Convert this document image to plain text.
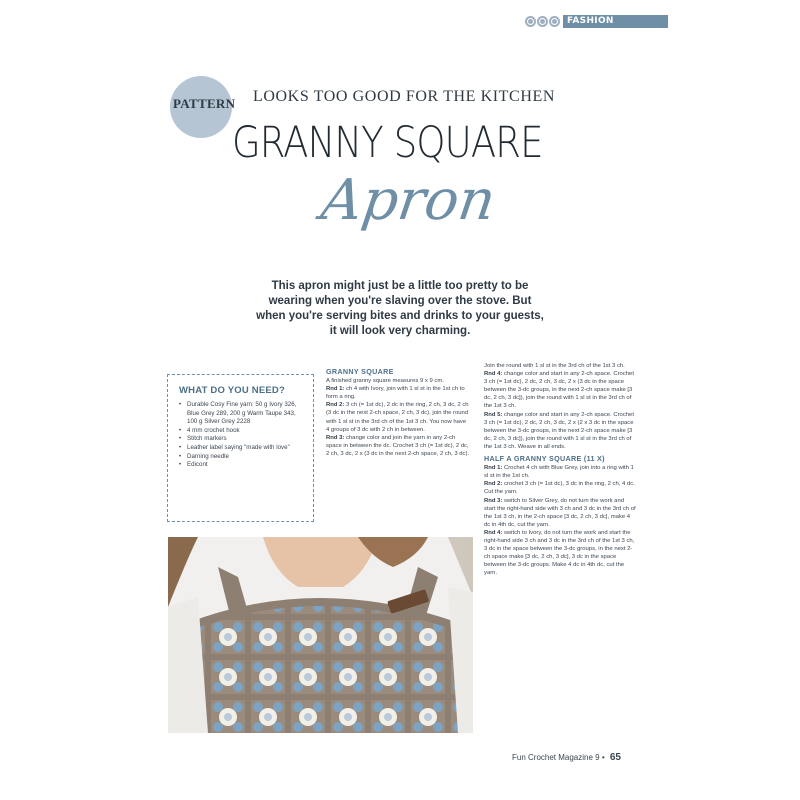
FASHION
PATTERN LOOKS TOO GOOD FOR THE KITCHEN
GRANNY SQUARE
Apron
This apron might just be a little too pretty to be wearing when you're slaving over the stove. But when you're serving bites and drinks to your guests, it will look very charming.
WHAT DO YOU NEED?
• Durable Cosy Fine yarn: 50 g Ivory 326, Blue Grey 289, 200 g Warm Taupe 343, 100 g Silver Grey 2228
• 4 mm crochet hook
• Stitch markers
• Leather label saying "made with love"
• Darning needle
• Edicont
GRANNY SQUARE

A finished granny square measures 9 x 9 cm.

Rnd 1: ch 4 with Ivory, join with 1 sl st in the 1st ch to form a ring.

Rnd 2: 3 ch (= 1st dc), 2 dc in the ring, 2 ch, 3 dc, 2 ch (3 dc in the next 2-ch space, 2 ch, 3 dc), join the round with 1 sl st in the 3rd ch of the 1st 3 ch. You now have 4 groups of 3 dc with 2 ch in between.

Rnd 3: change color and join the yarn in any 2-ch space in between the dc. Crochet 3 ch (= 1st dc), 2 dc, 2 ch, 3 dc, 2 x (3 dc in the next 2-ch space, 2 ch, 3 dc).

Join the round with 1 sl st in the 3rd ch of the 1st 3 ch.

Rnd 4: change color and start in any 2-ch space. Crochet 3 ch (= 1st dc), 2 dc, 2 ch, 3 dc, 2 x (3 dc in the space between the 3-dc groups, in the next 2-ch space make [3 dc, 2 ch, 3 dc]), join the round with 1 sl st in the 3rd ch of the 1st 3 ch.

Rnd 5: change color and start in any 2-ch space. Crochet 3 ch (= 1st dc), 2 dc, 2 ch, 3 dc, 2 x (2 x 3 dc in the space between the 3-dc groups, in the next 2-ch space make [3 dc, 2 ch, 3 dc]), join the round with 1 sl st in the 3rd ch of the 1st 3 ch. Weave in all ends.

HALF A GRANNY SQUARE (11 X)

Rnd 1: Crochet 4 ch with Blue Grey, join into a ring with 1 sl st in the 1st ch.

Rnd 2: crochet 3 ch (= 1st dc), 3 dc in the ring, 2 ch, 4 dc. Cut the yarn.

Rnd 3: switch to Silver Grey, do not turn the work and start the right-hand side with 3 ch and 3 dc in the 3rd ch of the 1st 3 ch, in the 2-ch space [3 dc, 2 ch, 3 dc], make 4 dc in 4th dc, cut the yarn.

Rnd 4: switch to Ivory, do not turn the work and start the right-hand side 3 ch and 3 dc in the 3rd ch of the 1st 3 ch, 3 dc in the space between the 3-dc groups, in the next 2-ch space make [3 dc, 2 ch, 3 dc], 3 dc in the space between the 3-dc groups. Make 4 dc in 4th dc, cut the yarn.

Fun Crochet Magazine 9 • 65
